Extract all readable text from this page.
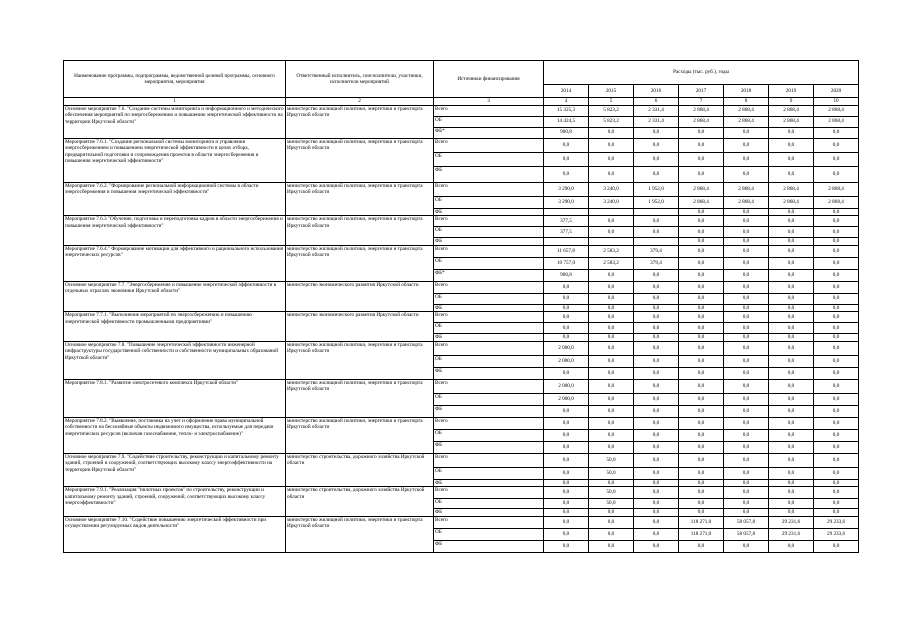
Наименование программы, подпрограммы, ведомственной целевой программы, основного мероприятия, мероприятия	Ответственный исполнитель, соисполнители, участники, исполнители мероприятий	Источники финансирования	Расходы (тыс. руб.), годы						
			2014	2015	2016	2017	2018	2019	2020
1	2	3	4	5	6	7	8	9	10
Основное мероприятие 7.6. "Создание системы мониторинга и информационного и методического обеспечения мероприятий по энергосбережению и повышению энергетической эффективности на территории Иркутской области"	министерство жилищной политики, энергетики и транспорта Иркутской области	Всего	15 325,3	5 823,2	2 331,4	2 868,4	2 868,4	2 868,4	2 868,4
		ОБ	14 424,5	5 823,2	2 331,4	2 868,4	2 868,4	2 868,4	2 868,4
		ФБ*	900,8	0,0	0,0	0,0	0,0	0,0	0,0
Мероприятие 7.6.1. "Создание региональной системы мониторинга и управления энергосбережением и повышением энергетической эффективности в целях отбора, предварительной подготовки и сопровождения проектов в области энергосбережения и повышения энергетической эффективности"	министерство жилищной политики, энергетики и транспорта Иркутской области	Всего	0,0	0,0	0,0	0,0	0,0	0,0	0,0
		ОБ	0,0	0,0	0,0	0,0	0,0	0,0	0,0
		ФБ	0,0	0,0	0,0	0,0	0,0	0,0	0,0
Мероприятие 7.6.2. "Формирование региональной информационной системы в области энергосбережения и повышения энергетической эффективности"	министерство жилищной политики, энергетики и транспорта Иркутской области	Всего	3 290,0	3 240,0	1 952,0	2 868,4	2 868,4	2 868,4	2 868,4
		ОБ	3 290,0	3 240,0	1 952,0	2 868,4	2 868,4	2 868,4	2 868,4
		ФБ				0,0	0,0	0,0	0,0
Мероприятие 7.6.3 "Обучение, подготовка и переподготовка кадров в области энергосбережения и повышения энергетической эффективности"	министерство жилищной политики, энергетики и транспорта Иркутской области	Всего	377,5	0,0	0,0	0,0	0,0	0,0	0,0
		ОБ	377,5	0,0	0,0	0,0	0,0	0,0	0,0
		ФБ				0,0	0,0	0,0	0,0
Мероприятие 7.6.4." Формирование мотивации для эффективного и рационального использования энергетических ресурсов"	министерство жилищной политики, энергетики и транспорта Иркутской области	Всего	11 657,8	2 583,2	379,4	0,0	0,0	0,0	0,0
		ОБ	10 757,0	2 583,2	379,4	0,0	0,0	0,0	0,0
		ФБ*	900,8	0,0	0,0	0,0	0,0	0,0	0,0
Основное мероприятие 7.7. "Энергосбережение и повышение энергетической эффективности в отдельных отраслях экономики Иркутской области"	министерство экономического развития Иркутской области	Всего	0,0	0,0	0,0	0,0	0,0	0,0	0,0
		ОБ	0,0	0,0	0,0	0,0	0,0	0,0	0,0
		ФБ	0,0	0,0	0,0	0,0	0,0	0,0	0,0
Мероприятие 7.7.1. "Выполнение мероприятий по энергосбережению и повышению энергетической эффективности промышленными предприятиями"	министерство экономического развития Иркутской области	Всего	0,0	0,0	0,0	0,0	0,0	0,0	0,0
		ОБ	0,0	0,0	0,0	0,0	0,0	0,0	0,0
		ФБ	0,0	0,0	0,0	0,0	0,0	0,0	0,0
Основное мероприятие 7.8. "Повышение энергетической эффективности инженерной инфраструктуры государственной собственности и собственности муниципальных образований Иркутской области"	министерство жилищной политики, энергетики и транспорта Иркутской области	Всего	2 000,0	0,0	0,0	0,0	0,0	0,0	0,0
		ОБ	2 000,0	0,0	0,0	0,0	0,0	0,0	0,0
		ФБ	0,0	0,0	0,0	0,0	0,0	0,0	0,0
Мероприятие 7.8.1. "Развитие электросетевого комплекса Иркутской области"	министерство жилищной политики, энергетики и транспорта Иркутской области	Всего	2 000,0	0,0	0,0	0,0	0,0	0,0	0,0
		ОБ	2 000,0	0,0	0,0	0,0	0,0	0,0	0,0
		ФБ	0,0	0,0	0,0	0,0	0,0	0,0	0,0
Мероприятие 7.8.2. "Выявление, постановка на учет и оформление права муниципальной собственности на бесхозяйные объекты недвижимого имущества, используемые для передачи энергетических ресурсов (включая газоснабжение, тепло- и электроснабжение)"	министерство жилищной политики, энергетики и транспорта Иркутской области	Всего	0,0	0,0	0,0	0,0	0,0	0,0	0,0
		ОБ	0,0	0,0	0,0	0,0	0,0	0,0	0,0
		ФБ	0,0	0,0	0,0	0,0	0,0	0,0	0,0
Основное мероприятие 7.9. "Содействие строительству, реконструкции и капитальному ремонту зданий, строений и сооружений, соответствующих высокому классу энергоэффективности на территории Иркутской области"	министерство строительства, дорожного хозяйства Иркутской области	Всего	0,0	50,0	0,0	0,0	0,0	0,0	0,0
		ОБ	0,0	50,0	0,0	0,0	0,0	0,0	0,0
		ФБ	0,0	0,0	0,0	0,0	0,0	0,0	0,0
Мероприятие 7.9.1. "Реализация "пилотных проектов" по строительству, реконструкции и капитальному ремонту зданий, строений, сооружений, соответствующих высокому классу энергоэффективности"	министерство строительства, дорожного хозяйства Иркутской области	Всего	0,0	50,0	0,0	0,0	0,0	0,0	0,0
		ОБ	0,0	50,0	0,0	0,0	0,0	0,0	0,0
		ФБ	0,0	0,0	0,0	0,0	0,0	0,0	0,0
Основное мероприятие 7.10. "Содействие повышению энергетической эффективности при осуществлении регулируемых видов деятельности"	министерство жилищной политики, энергетики и транспорта Иркутской области	Всего	0,0	0,0	0,0	118 271,0	58 057,8	29 231,6	29 233,6
		ОБ	0,0	0,0	0,0	118 271,0	58 057,8	29 231,6	29 233,6
		ФБ	0,0	0,0	0,0	0,0	0,0	0,0	0,0
